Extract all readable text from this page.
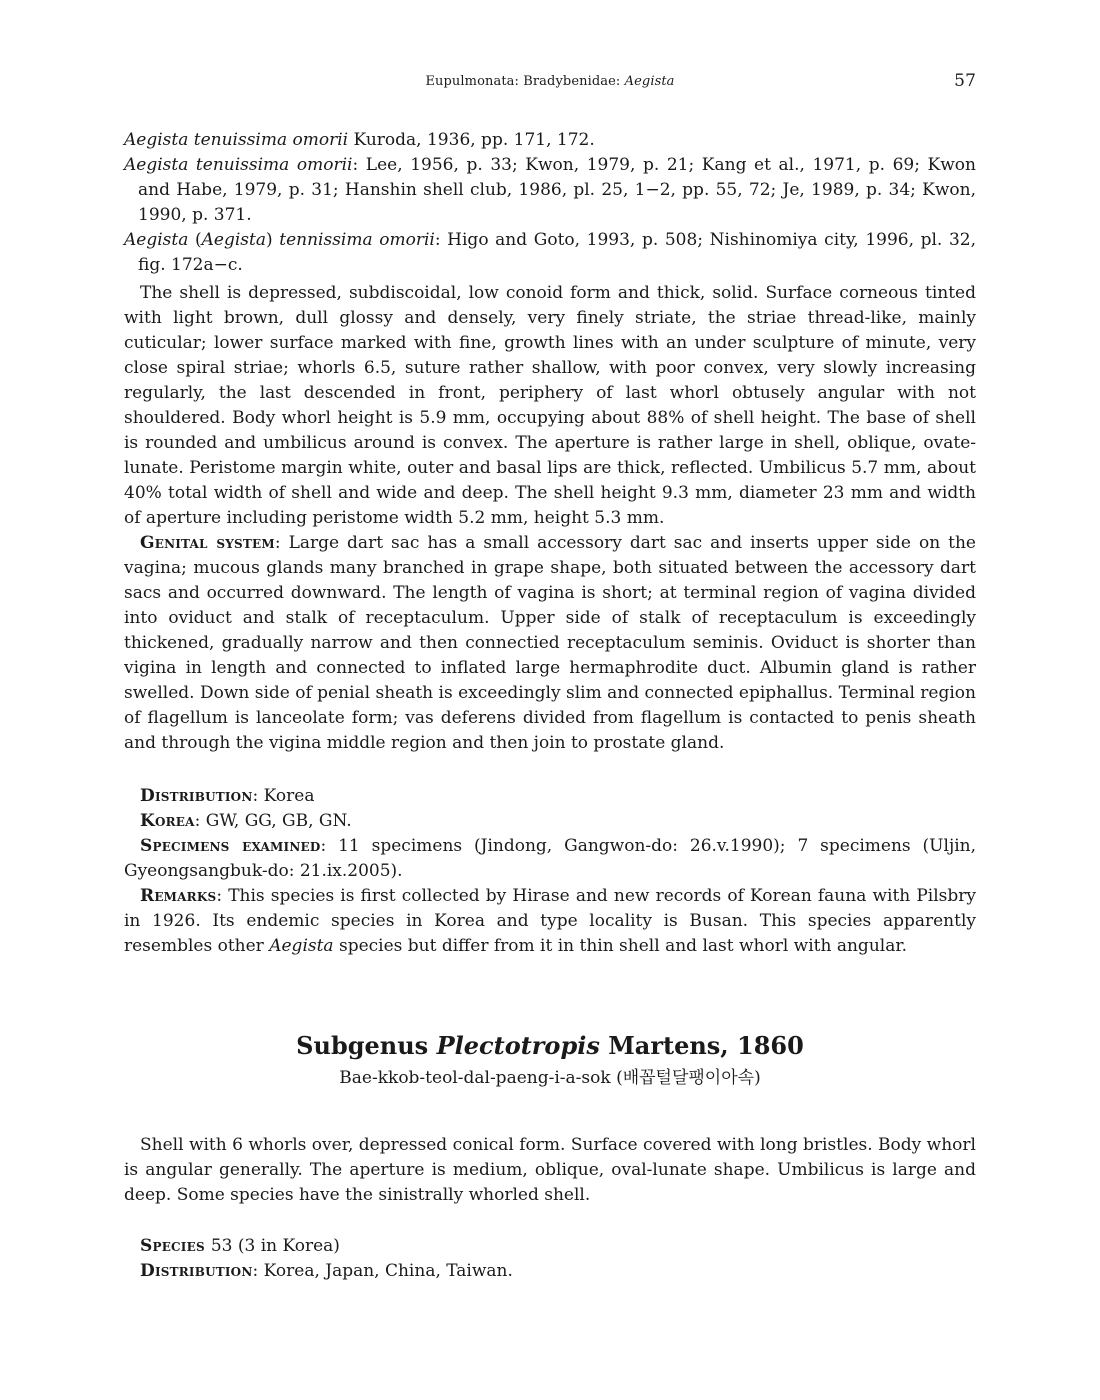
Eupulmonata: Bradybenidae: Aegista	57
Aegista tenuissima omorii Kuroda, 1936, pp. 171, 172.
Aegista tenuissima omorii: Lee, 1956, p. 33; Kwon, 1979, p. 21; Kang et al., 1971, p. 69; Kwon and Habe, 1979, p. 31; Hanshin shell club, 1986, pl. 25, 1−2, pp. 55, 72; Je, 1989, p. 34; Kwon, 1990, p. 371.
Aegista (Aegista) tennissima omorii: Higo and Goto, 1993, p. 508; Nishinomiya city, 1996, pl. 32, fig. 172a−c.

The shell is depressed, subdiscoidal, low conoid form and thick, solid. Surface corneous tinted with light brown, dull glossy and densely, very finely striate, the striae thread-like, mainly cuticular; lower surface marked with fine, growth lines with an under sculpture of minute, very close spiral striae; whorls 6.5, suture rather shallow, with poor convex, very slowly increasing regularly, the last descended in front, periphery of last whorl obtusely angular with not shouldered. Body whorl height is 5.9 mm, occupying about 88% of shell height. The base of shell is rounded and umbilicus around is convex. The aperture is rather large in shell, oblique, ovate-lunate. Peristome margin white, outer and basal lips are thick, reflected. Umbilicus 5.7 mm, about 40% total width of shell and wide and deep. The shell height 9.3 mm, diameter 23 mm and width of aperture including peristome width 5.2 mm, height 5.3 mm.

Genital system: Large dart sac has a small accessory dart sac and inserts upper side on the vagina; mucous glands many branched in grape shape, both situated between the accessory dart sacs and occurred downward. The length of vagina is short; at terminal region of vagina divided into oviduct and stalk of receptaculum. Upper side of stalk of receptaculum is exceedingly thickened, gradually narrow and then connectied receptaculum seminis. Oviduct is shorter than vigina in length and connected to inflated large hermaphrodite duct. Albumin gland is rather swelled. Down side of penial sheath is exceedingly slim and connected epiphallus. Terminal region of flagellum is lanceolate form; vas deferens divided from flagellum is contacted to penis sheath and through the vigina middle region and then join to prostate gland.

Distribution: Korea

Korea: GW, GG, GB, GN.

Specimens examined: 11 specimens (Jindong, Gangwon-do: 26.v.1990); 7 specimens (Uljin, Gyeongsangbuk-do: 21.ix.2005).

Remarks: This species is first collected by Hirase and new records of Korean fauna with Pilsbry in 1926. Its endemic species in Korea and type locality is Busan. This species apparently resembles other Aegista species but differ from it in thin shell and last whorl with angular.

Subgenus Plectotropis Martens, 1860
Bae-kkob-teol-dal-paeng-i-a-sok (배꼽털달팽이아속)

Shell with 6 whorls over, depressed conical form. Surface covered with long bristles. Body whorl is angular generally. The aperture is medium, oblique, oval-lunate shape. Umbilicus is large and deep. Some species have the sinistrally whorled shell.

Species 53 (3 in Korea)

Distribution: Korea, Japan, China, Taiwan.
